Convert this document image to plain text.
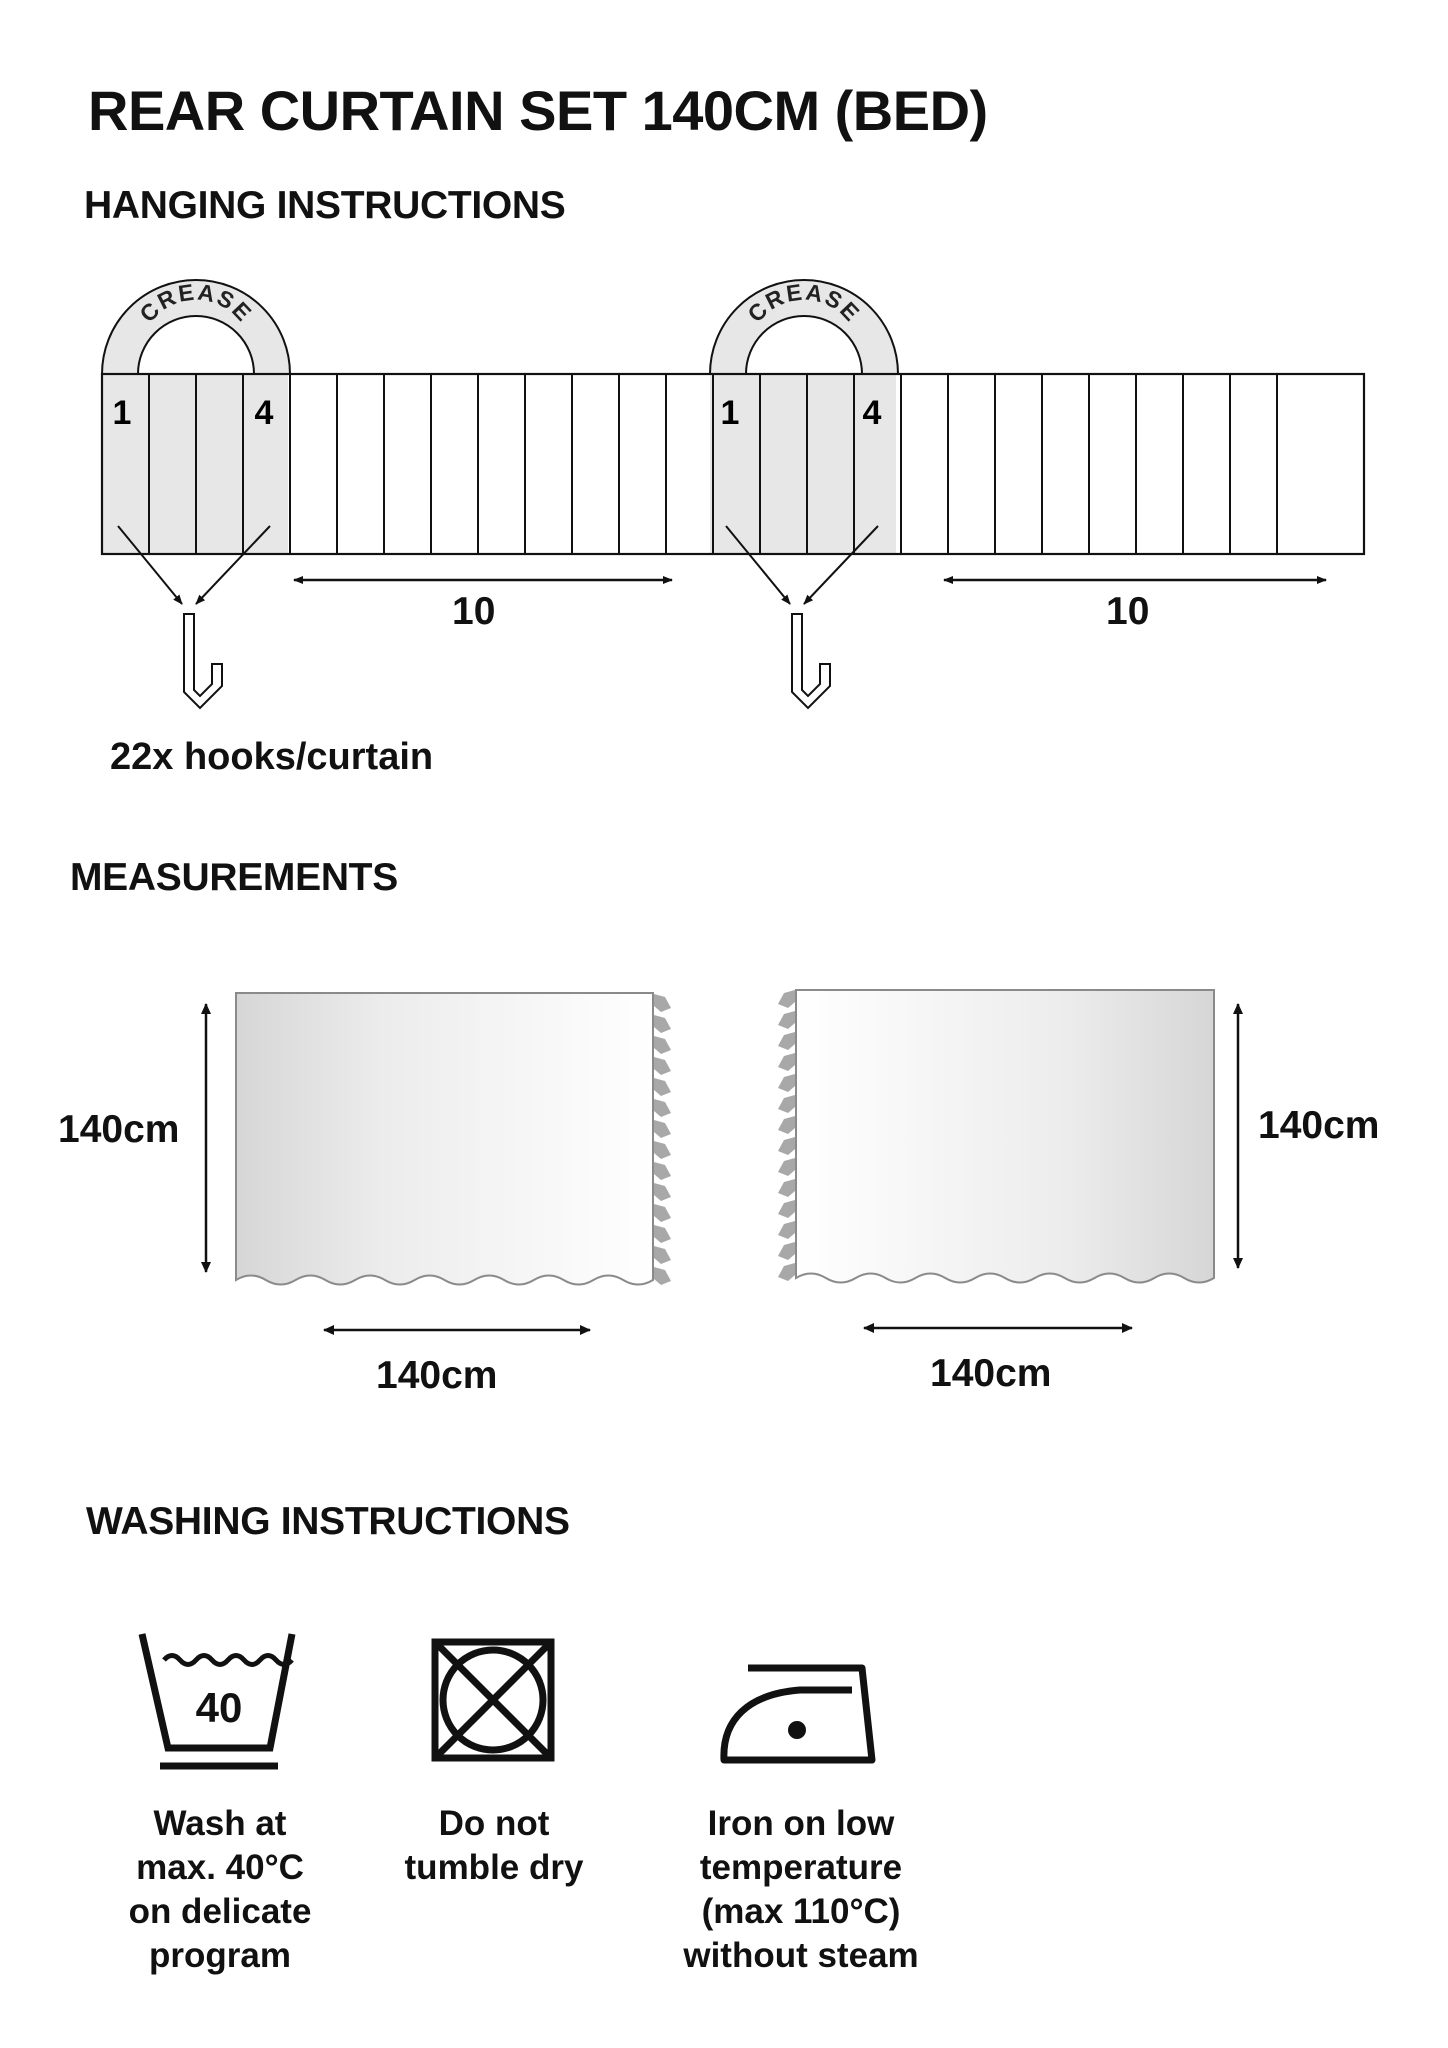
REAR CURTAIN SET 140CM (BED)
HANGING INSTRUCTIONS
CREASE	CREASE
1	4	1	4
10	10
22x hooks/curtain
MEASUREMENTS
140cm
140cm
140cm
140cm
WASHING INSTRUCTIONS
40
Wash at max. 40°C on delicate program
Do not tumble dry
Iron on low temperature (max 110°C) without steam
